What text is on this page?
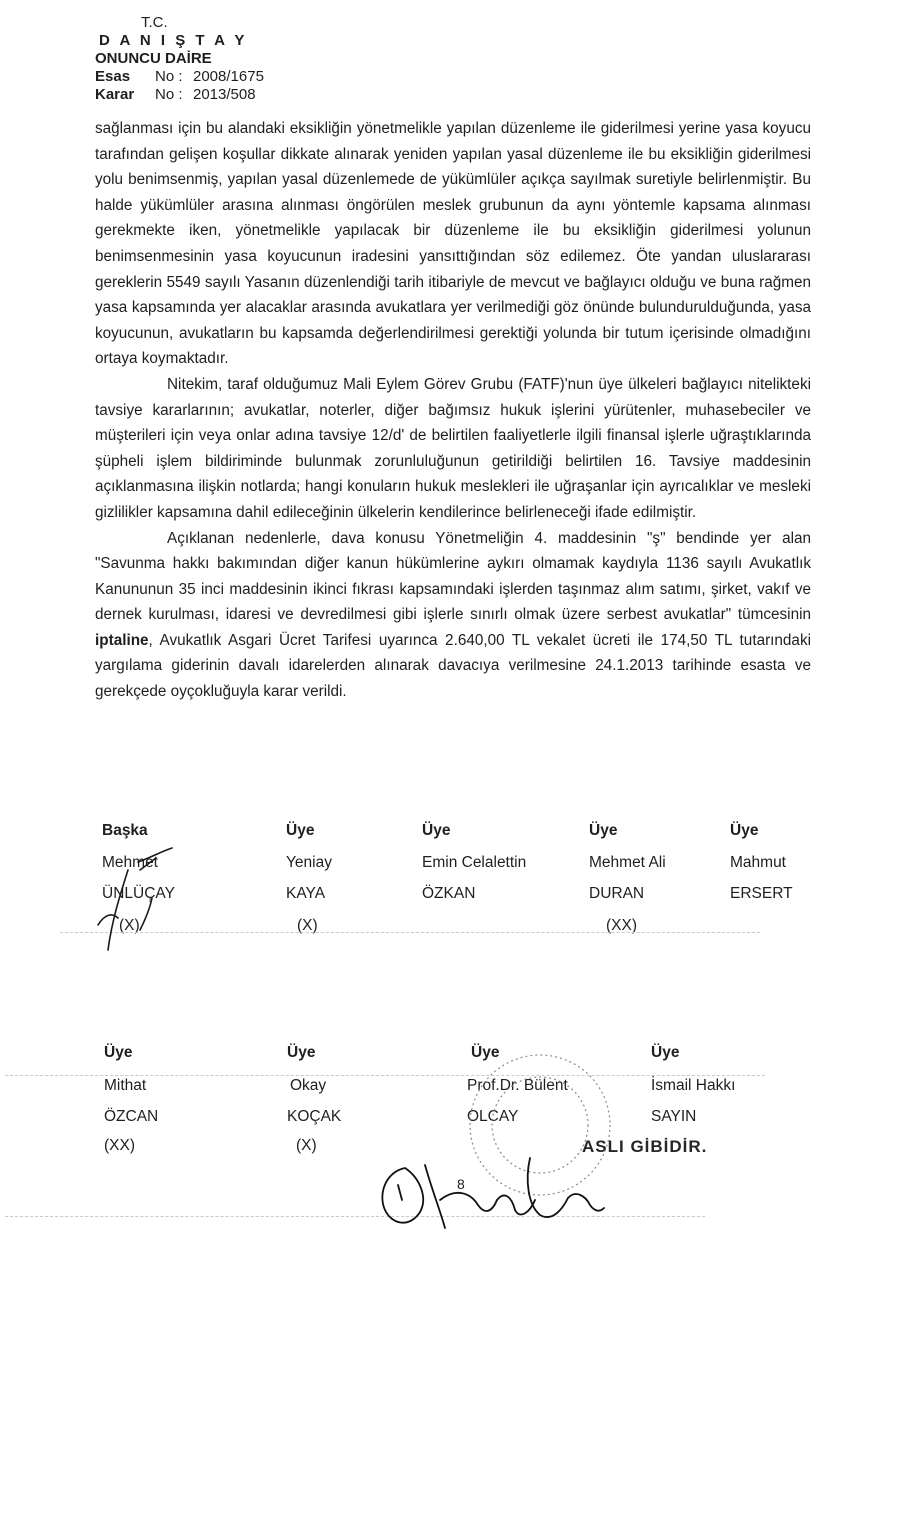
T.C.
D A N I Ş T A Y
ONUNCU DAİRE
Esas No : 2008/1675
Karar No : 2013/508

sağlanması için bu alandaki eksikliğin yönetmelikle yapılan düzenleme ile giderilmesi yerine yasa koyucu tarafından gelişen koşullar dikkate alınarak yeniden yapılan yasal düzenleme ile bu eksikliğin giderilmesi yolu benimsenmiş, yapılan yasal düzenlemede de yükümlüler açıkça sayılmak suretiyle belirlenmiştir. Bu halde yükümlüler arasına alınması öngörülen meslek grubunun da aynı yöntemle kapsama alınması gerekmekte iken, yönetmelikle yapılacak bir düzenleme ile bu eksikliğin giderilmesi yolunun benimsenmesinin yasa koyucunun iradesini yansıttığından söz edilemez. Öte yandan uluslararası gereklerin 5549 sayılı Yasanın düzenlendiği tarih itibariyle de mevcut ve bağlayıcı olduğu ve buna rağmen yasa kapsamında yer alacaklar arasında avukatlara yer verilmediği göz önünde bulundurulduğunda, yasa koyucunun, avukatların bu kapsamda değerlendirilmesi gerektiği yolunda bir tutum içerisinde olmadığını ortaya koymaktadır.

Nitekim, taraf olduğumuz Mali Eylem Görev Grubu (FATF)'nun üye ülkeleri bağlayıcı nitelikteki tavsiye kararlarının; avukatlar, noterler, diğer bağımsız hukuk işlerini yürütenler, muhasebeciler ve müşterileri için veya onlar adına tavsiye 12/d' de belirtilen faaliyetlerle ilgili finansal işlerle uğraştıklarında şüpheli işlem bildiriminde bulunmak zorunluluğunun getirildiği belirtilen 16. Tavsiye maddesinin açıklanmasına ilişkin notlarda; hangi konuların hukuk meslekleri ile uğraşanlar için ayrıcalıklar ve mesleki gizlilikler kapsamına dahil edileceğinin ülkelerin kendilerince belirleneceği ifade edilmiştir.

Açıklanan nedenlerle, dava konusu Yönetmeliğin 4. maddesinin "ş" bendinde yer alan "Savunma hakkı bakımından diğer kanun hükümlerine aykırı olmamak kaydıyla 1136 sayılı Avukatlık Kanununun 35 inci maddesinin ikinci fıkrası kapsamındaki işlerden taşınmaz alım satımı, şirket, vakıf ve dernek kurulması, idaresi ve devredilmesi gibi işlerle sınırlı olmak üzere serbest avukatlar" tümcesinin iptaline, Avukatlık Asgari Ücret Tarifesi uyarınca 2.640,00 TL vekalet ücreti ile 174,50 TL tutarındaki yargılama giderinin davalı idarelerden alınarak davacıya verilmesine 24.1.2013 tarihinde esasta ve gerekçede oyçokluğuyla karar verildi.

Başka
Mehmet
ÜNLÜÇAY
(X)
Üye
Yeniay
KAYA
(X)
Üye
Emin Celalettin
ÖZKAN
Üye
Mehmet Ali
DURAN
(XX)
Üye
Mahmut
ERSERT
Üye
Mithat
ÖZCAN
(XX)
Üye
Okay
KOÇAK
(X)
Üye
Prof.Dr. Bülent
OLCAY
Üye
İsmail Hakkı
SAYIN
ASLI GİBİDİR.
8
